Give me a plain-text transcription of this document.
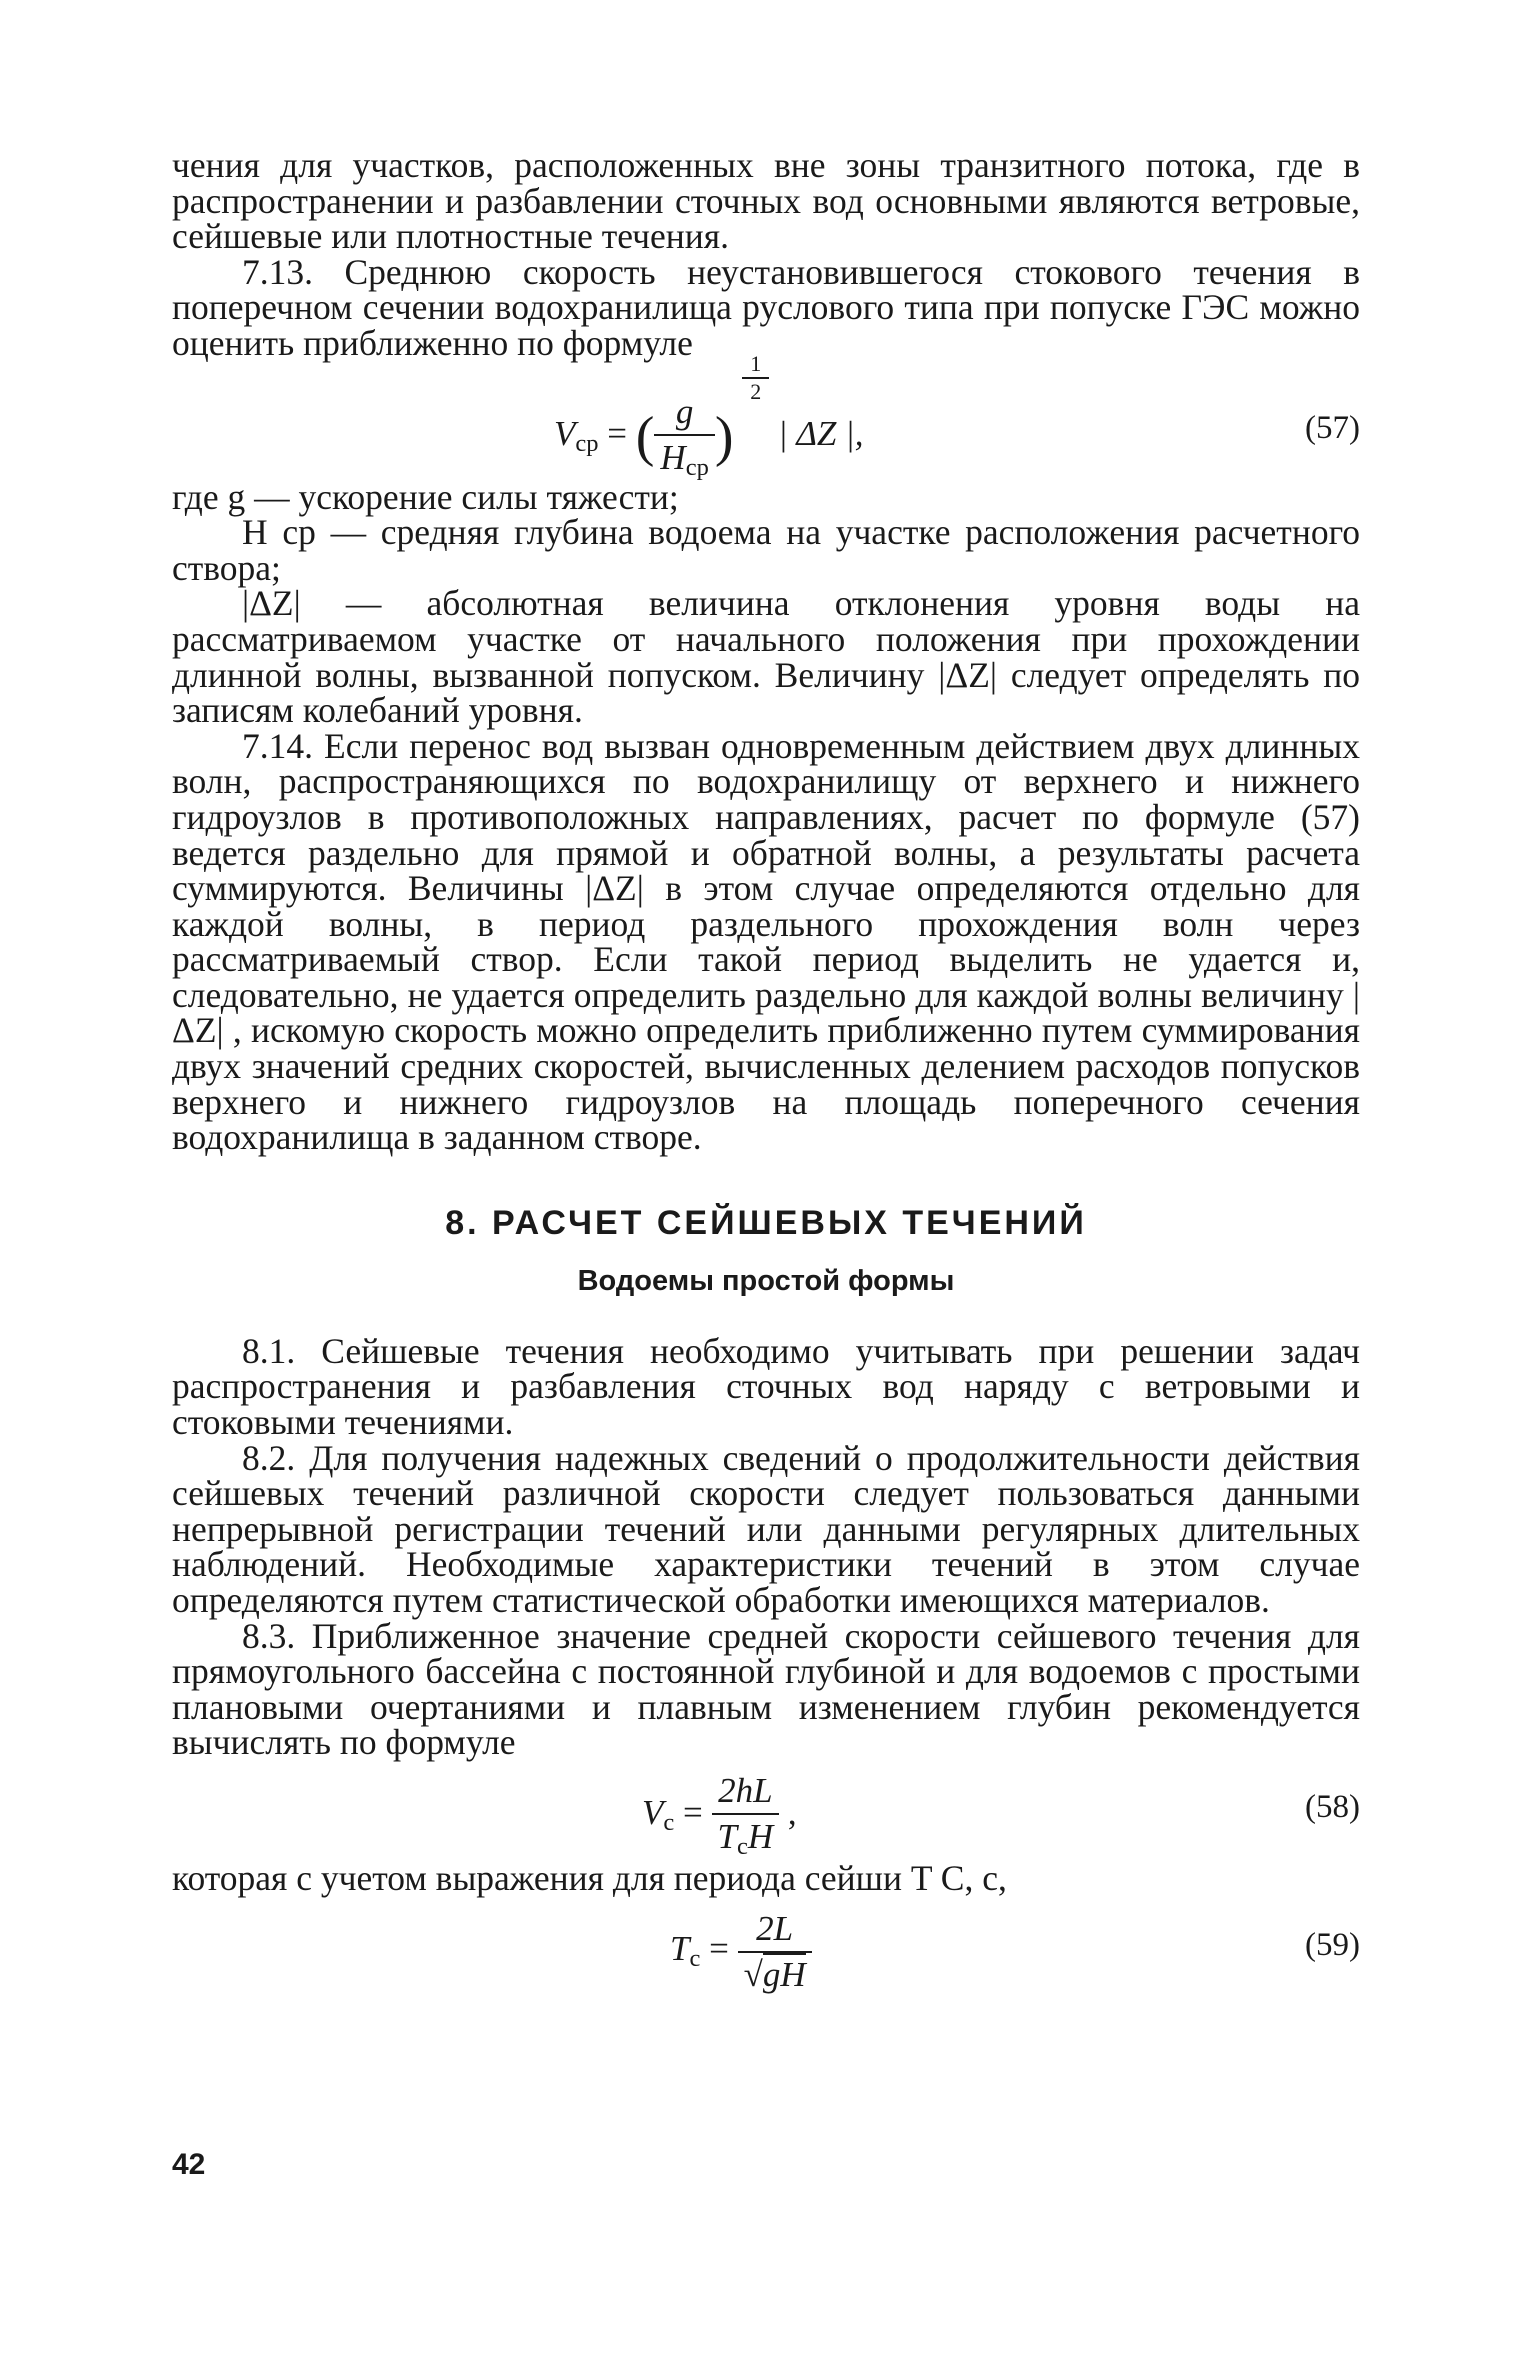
чения для участков, расположенных вне зоны транзитного потока, где в распространении и разбавлении сточных вод основными являются ветровые, сейшевые или плотностные течения.

7.13. Среднюю скорость неустановившегося стокового течения в поперечном сечении водохранилища руслового типа при попуске ГЭС можно оценить приближенно по формуле

$V_{ср}$ = ( $\frac{g}{H_{ср}}$ )
$\frac{1}{2}$
| ΔZ |,	(57)

где g — ускорение силы тяжести;

H ср — средняя глубина водоема на участке расположения расчетного створа;

|ΔZ| — абсолютная величина отклонения уровня воды на рассматриваемом участке от начального положения при прохождении длинной волны, вызванной попуском. Величину |ΔZ| следует определять по записям колебаний уровня.

7.14. Если перенос вод вызван одновременным действием двух длинных волн, распространяющихся по водохранилищу от верхнего и нижнего гидроузлов в противоположных направлениях, расчет по формуле (57) ведется раздельно для прямой и обратной волны, а результаты расчета суммируются. Величины |ΔZ| в этом случае определяются отдельно для каждой волны, в период раздельного прохождения волн через рассматриваемый створ. Если такой период выделить не удается и, следовательно, не удается определить раздельно для каждой волны величину |ΔZ| , искомую скорость можно определить приближенно путем суммирования двух значений средних скоростей, вычисленных делением расходов попусков верхнего и нижнего гидроузлов на площадь поперечного сечения водохранилища в заданном створе.

8. РАСЧЕТ СЕЙШЕВЫХ ТЕЧЕНИЙ
Водоемы простой формы

8.1. Сейшевые течения необходимо учитывать при решении задач распространения и разбавления сточных вод наряду с ветровыми и стоковыми течениями.

8.2. Для получения надежных сведений о продолжительности действия сейшевых течений различной скорости следует пользоваться данными непрерывной регистрации течений или данными регулярных длительных наблюдений. Необходимые характеристики течений в этом случае определяются путем статистической обработки имеющихся материалов.

8.3. Приближенное значение средней скорости сейшевого течения для прямоугольного бассейна с постоянной глубиной и для водоемов с простыми плановыми очертаниями и плавным изменением глубин рекомендуется вычислять по формуле

$V_с = \frac{2hL}{T_сH}$ ,	(58)

которая с учетом выражения для периода сейши T С, с,

$T_с = \frac{2L}{√gH}$	(59)
42
